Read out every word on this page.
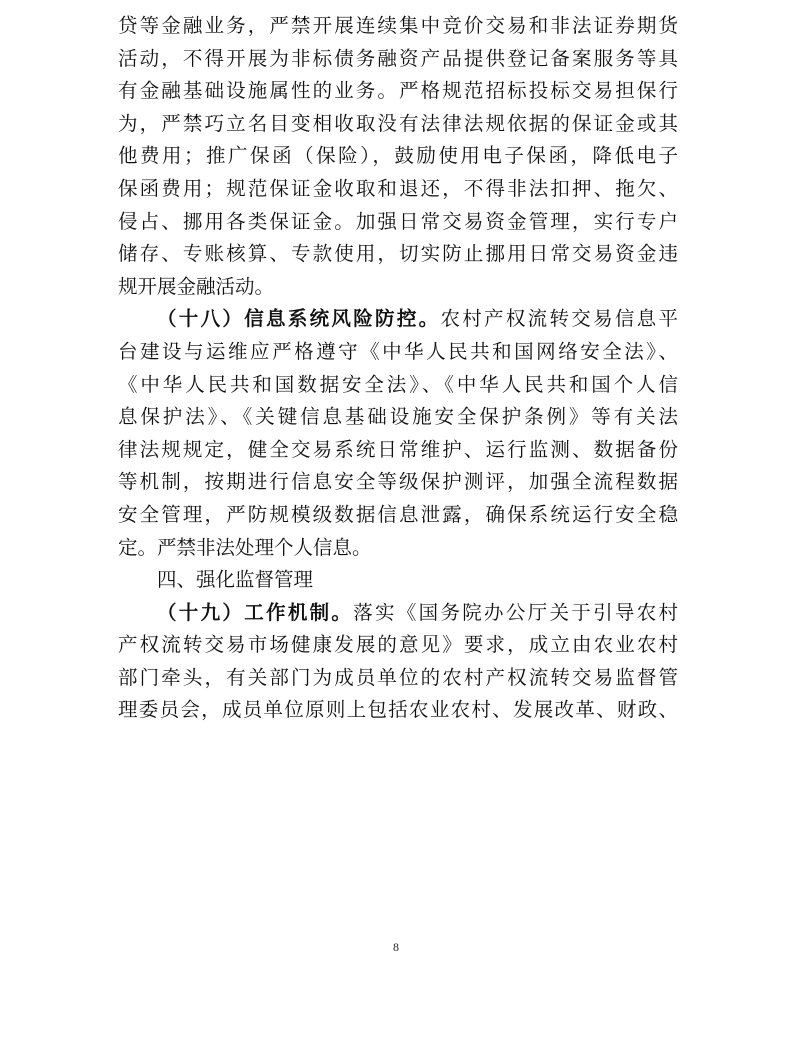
贷等金融业务，严禁开展连续集中竞价交易和非法证券期货
活动，不得开展为非标债务融资产品提供登记备案服务等具
有金融基础设施属性的业务。严格规范招标投标交易担保行
为，严禁巧立名目变相收取没有法律法规依据的保证金或其
他费用；推广保函（保险），鼓励使用电子保函，降低电子
保函费用；规范保证金收取和退还，不得非法扣押、拖欠、
侵占、挪用各类保证金。加强日常交易资金管理，实行专户
储存、专账核算、专款使用，切实防止挪用日常交易资金违
规开展金融活动。
（十八）信息系统风险防控。农村产权流转交易信息平
台建设与运维应严格遵守《中华人民共和国网络安全法》、
《中华人民共和国数据安全法》、《中华人民共和国个人信
息保护法》、《关键信息基础设施安全保护条例》等有关法
律法规规定，健全交易系统日常维护、运行监测、数据备份
等机制，按期进行信息安全等级保护测评，加强全流程数据
安全管理，严防规模级数据信息泄露，确保系统运行安全稳
定。严禁非法处理个人信息。
四、强化监督管理
（十九）工作机制。落实《国务院办公厅关于引导农村
产权流转交易市场健康发展的意见》要求，成立由农业农村
部门牵头，有关部门为成员单位的农村产权流转交易监督管
理委员会，成员单位原则上包括农业农村、发展改革、财政、
8
